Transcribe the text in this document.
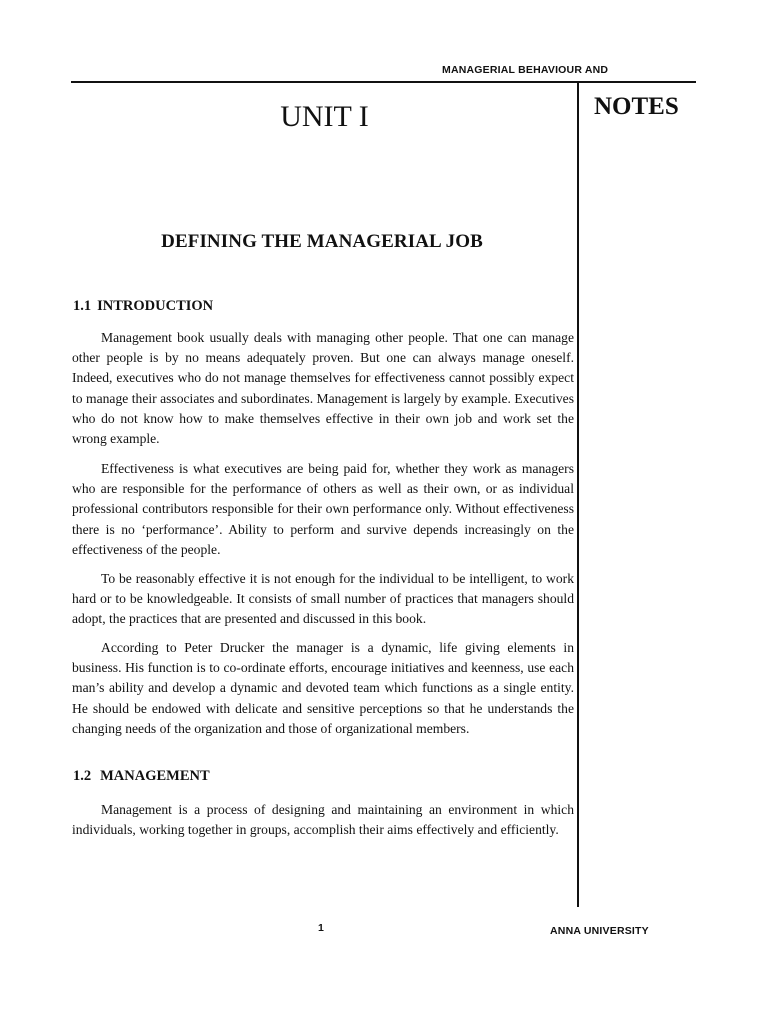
MANAGERIAL BEHAVIOUR AND
NOTES
UNIT I
DEFINING THE MANAGERIAL JOB
1.1 INTRODUCTION

Management book usually deals with managing other people. That one can manage other people is by no means adequately proven. But one can always manage oneself. Indeed, executives who do not manage themselves for effectiveness cannot possibly expect to manage their associates and subordinates. Management is largely by example. Executives who do not know how to make themselves effective in their own job and work set the wrong example.

Effectiveness is what executives are being paid for, whether they work as managers who are responsible for the performance of others as well as their own, or as individual professional contributors responsible for their own performance only. Without effectiveness there is no ‘performance’. Ability to perform and survive depends increasingly on the effectiveness of the people.

To be reasonably effective it is not enough for the individual to be intelligent, to work hard or to be knowledgeable. It consists of small number of practices that managers should adopt, the practices that are presented and discussed in this book.

According to Peter Drucker the manager is a dynamic, life giving elements in business. His function is to co-ordinate efforts, encourage initiatives and keenness, use each man’s ability and develop a dynamic and devoted team which functions as a single entity. He should be endowed with delicate and sensitive perceptions so that he understands the changing needs of the organization and those of organizational members.

1.2 MANAGEMENT

Management is a process of designing and maintaining an environment in which individuals, working together in groups, accomplish their aims effectively and efficiently.

1	ANNA UNIVERSITY
